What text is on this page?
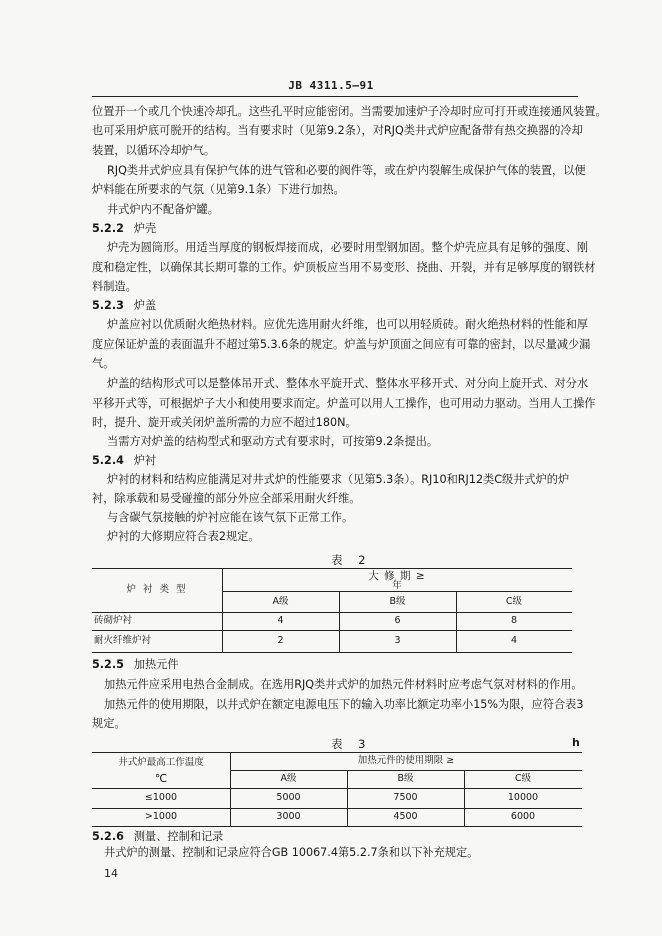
JB 4311.5—91
位置开一个或几个快速冷却孔。这些孔平时应能密闭。当需要加速炉子冷却时应可打开或连接通风装置。
也可采用炉底可脱开的结构。当有要求时（见第9.2条），对RJQ类井式炉应配备带有热交换器的冷却
装置，以循环冷却炉气。
RJQ类井式炉应具有保护气体的进气管和必要的阀件等，或在炉内裂解生成保护气体的装置，以便
炉料能在所要求的气氛（见第9.1条）下进行加热。
井式炉内不配备炉罐。
5.2.2 炉壳
炉壳为圆筒形。用适当厚度的钢板焊接而成，必要时用型钢加固。整个炉壳应具有足够的强度、刚
度和稳定性，以确保其长期可靠的工作。炉顶板应当用不易变形、挠曲、开裂，并有足够厚度的钢铁材
料制造。
5.2.3 炉盖
炉盖应衬以优质耐火绝热材料。应优先选用耐火纤维，也可以用轻质砖。耐火绝热材料的性能和厚
度应保证炉盖的表面温升不超过第5.3.6条的规定。炉盖与炉顶面之间应有可靠的密封，以尽量减少漏
气。
炉盖的结构形式可以是整体吊开式、整体水平旋开式、整体水平移开式、对分向上旋开式、对分水
平移开式等，可根据炉子大小和使用要求而定。炉盖可以用人工操作，也可用动力驱动。当用人工操作
时，提升、旋开或关闭炉盖所需的力应不超过180N。
当需方对炉盖的结构型式和驱动方式有要求时，可按第9.2条提出。
5.2.4 炉衬
炉衬的材料和结构应能满足对井式炉的性能要求（见第5.3条）。RJ10和RJ12类C级井式炉的炉
衬，除承载和易受碰撞的部分外应全部采用耐火纤维。
与含碳气氛接触的炉衬应能在该气氛下正常工作。
炉衬的大修期应符合表2规定。
表 2
炉 衬 类 型
大 修 期 ≥
年
A级	B级	C级
砖砌炉衬	4	6	8
耐火纤维炉衬	2	3	4
5.2.5 加热元件
加热元件应采用电热合金制成。在选用RJQ类井式炉的加热元件材料时应考虑气氛对材料的作用。
加热元件的使用期限，以井式炉在额定电源电压下的输入功率比额定功率小15%为限，应符合表3
规定。
表 3	h
井式炉最高工作温度
℃
加热元件的使用期限 ≥
A级	B级	C级
≤1000	5000	7500	10000
>1000	3000	4500	6000
5.2.6 测量、控制和记录
井式炉的测量、控制和记录应符合GB 10067.4第5.2.7条和以下补充规定。
14
